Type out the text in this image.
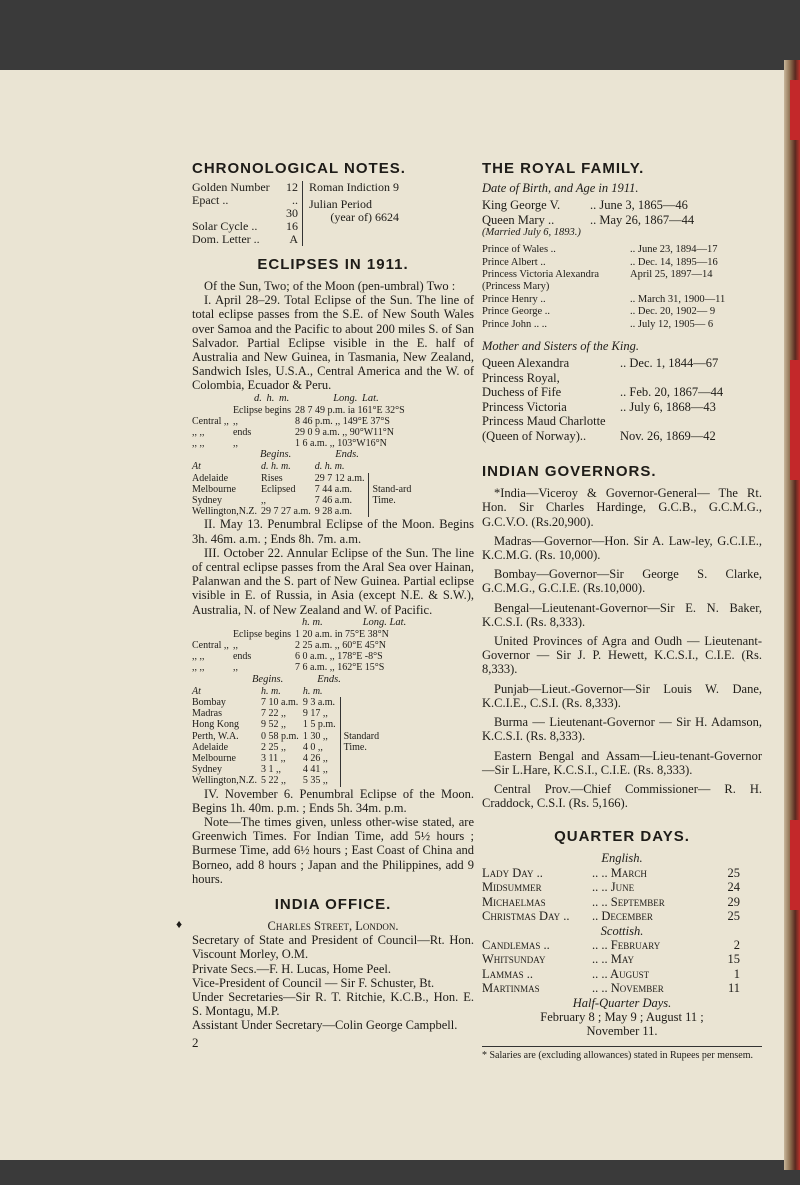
♦
CHRONOLOGICAL NOTES.
Golden Number	12
Epact ..	.. 30
Solar Cycle ..	16
Dom. Letter ..	A

Roman Indiction 9
Julian Period
(year of) 6624
ECLIPSES IN 1911.

Of the Sun, Two; of the Moon (pen-umbral) Two :

I. April 28–29. Total Eclipse of the Sun. The line of total eclipse passes from the S.E. of New South Wales over Samoa and the Pacific to about 200 miles S. of San Salvador. Partial Eclipse visible in the E. half of Australia and New Guinea, in Tasmania, New Zealand, Sandwich Isles, U.S.A., Central America and the W. of Colombia, Ecuador & Peru.

d. h. m.	Long. Lat.
	Eclipse begins	28 7 49 p.m. ia 161°E 32°S
Central ,,	,,	8 46 p.m. ,, 149°E 37°S
,, ,,	ends	29 0 9 a.m. ,, 90°W11°N
,, ,,	,,	1 6 a.m. ,, 103°W16°N
Begins.	Ends.
At	d. h. m.	d. h. m.	
Adelaide	Rises	29 7 12 a.m.	Stand-ard Time.
Melbourne	Eclipsed	7 44 a.m.	
Sydney	,,	7 46 a.m.	
Wellington,N.Z.	29 7 27 a.m.	9 28 a.m.	

II. May 13. Penumbral Eclipse of the Moon. Begins 3h. 46m. a.m. ; Ends 8h. 7m. a.m.

III. October 22. Annular Eclipse of the Sun. The line of central eclipse passes from the Aral Sea over Hainan, Palanwan and the S. part of New Guinea. Partial eclipse visible in E. of Russia, in Asia (except N.E. & S.W.), Australia, N. of New Zealand and W. of Pacific.

h. m.	Long. Lat.
	Eclipse begins	1 20 a.m. in 75°E 38°N
Central ,,	,,	2 25 a.m. ,, 60°E 45°N
,, ,,	ends	6 0 a.m. ,, 178°E -8°S
,, ,,	,,	7 6 a.m. ,, 162°E 15°S
Begins.	Ends.
At	h. m.	h. m.	
Bombay	7 10 a.m.	9 3 a.m.	Standard Time.
Madras	7 22 ,,	9 17 ,,	
Hong Kong	9 52 ,,	1 5 p.m.	
Perth, W.A.	0 58 p.m.	1 30 ,,	
Adelaide	2 25 ,,	4 0 ,,	
Melbourne	3 11 ,,	4 26 ,,	
Sydney	3 1 ,,	4 41 ,,	
Wellington,N.Z.	5 22 ,,	5 35 ,,	

IV. November 6. Penumbral Eclipse of the Moon. Begins 1h. 40m. p.m. ; Ends 5h. 34m. p.m.

Note—The times given, unless other-wise stated, are Greenwich Times. For Indian Time, add 5½ hours ; Burmese Time, add 6½ hours ; East Coast of China and Borneo, add 8 hours ; Japan and the Philippines, add 9 hours.

INDIA OFFICE.

Charles Street, London.

Secretary of State and President of Council—Rt. Hon. Viscount Morley, O.M.

Private Secs.—F. H. Lucas, Home Peel.

Vice-President of Council — Sir F. Schuster, Bt.

Under Secretaries—Sir R. T. Ritchie, K.C.B., Hon. E. S. Montagu, M.P.

Assistant Under Secretary—Colin George Campbell.

2
THE ROYAL FAMILY.

Date of Birth, and Age in 1911.

King George V.	.. June 3, 1865—46
Queen Mary ..	.. May 26, 1867—44

(Married July 6, 1893.)

Prince of Wales ..	.. June 23, 1894—17
Prince Albert ..	.. Dec. 14, 1895—16
Princess Victoria Alexandra	April 25, 1897—14
(Princess Mary)	
Prince Henry ..	.. March 31, 1900—11
Prince George ..	.. Dec. 20, 1902— 9
Prince John .. ..	.. July 12, 1905— 6

Mother and Sisters of the King.

Queen Alexandra	.. Dec. 1, 1844—67
Princess Royal,	
Duchess of Fife	.. Feb. 20, 1867—44
Princess Victoria	.. July 6, 1868—43
Princess Maud Charlotte	
(Queen of Norway)..	Nov. 26, 1869—42
INDIAN GOVERNORS.

*India—Viceroy & Governor-General— The Rt. Hon. Sir Charles Hardinge, G.C.B., G.C.M.G., G.C.V.O. (Rs.20,900).

Madras—Governor—Hon. Sir A. Law-ley, G.C.I.E., K.C.M.G. (Rs. 10,000).

Bombay—Governor—Sir George S. Clarke, G.C.M.G., G.C.I.E. (Rs.10,000).

Bengal—Lieutenant-Governor—Sir E. N. Baker, K.C.S.I. (Rs. 8,333).

United Provinces of Agra and Oudh — Lieutenant-Governor — Sir J. P. Hewett, K.C.S.I., C.I.E. (Rs. 8,333).

Punjab—Lieut.-Governor—Sir Louis W. Dane, K.C.I.E., C.S.I. (Rs. 8,333).

Burma — Lieutenant-Governor — Sir H. Adamson, K.C.S.I. (Rs. 8,333).

Eastern Bengal and Assam—Lieu-tenant-Governor—Sir L.Hare, K.C.S.I., C.I.E. (Rs. 8,333).

Central Prov.—Chief Commissioner— R. H. Craddock, C.S.I. (Rs. 5,166).

QUARTER DAYS.

English.

Lady Day ..	.. .. March	25
Midsummer	.. .. June	24
Michaelmas	.. .. September	29
Christmas Day ..	.. December	25

Scottish.

Candlemas ..	.. .. February	2
Whitsunday	.. .. May	15
Lammas ..	.. .. August	1
Martinmas	.. .. November	11

Half-Quarter Days.

February 8 ; May 9 ; August 11 ;

November 11.

* Salaries are (excluding allowances) stated in Rupees per mensem.
